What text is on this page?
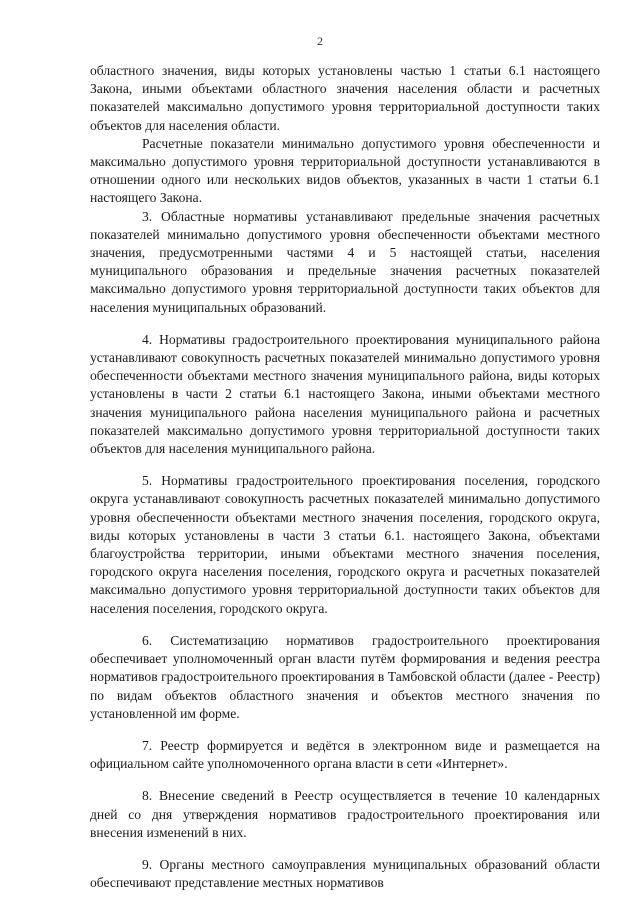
2

областного значения, виды которых установлены частью 1 статьи 6.1 настоящего Закона, иными объектами областного значения населения области и расчетных показателей максимально допустимого уровня территориальной доступности таких объектов для населения области.

Расчетные показатели минимально допустимого уровня обеспеченности и максимально допустимого уровня территориальной доступности устанавливаются в отношении одного или нескольких видов объектов, указанных в части 1 статьи 6.1 настоящего Закона.

3. Областные нормативы устанавливают предельные значения расчетных показателей минимально допустимого уровня обеспеченности объектами местного значения, предусмотренными частями 4 и 5 настоящей статьи, населения муниципального образования и предельные значения расчетных показателей максимально допустимого уровня территориальной доступности таких объектов для населения муниципальных образований.

4. Нормативы градостроительного проектирования муниципального района устанавливают совокупность расчетных показателей минимально допустимого уровня обеспеченности объектами местного значения муниципального района, виды которых установлены в части 2 статьи 6.1 настоящего Закона, иными объектами местного значения муниципального района населения муниципального района и расчетных показателей максимально допустимого уровня территориальной доступности таких объектов для населения муниципального района.

5. Нормативы градостроительного проектирования поселения, городского округа устанавливают совокупность расчетных показателей минимально допустимого уровня обеспеченности объектами местного значения поселения, городского округа, виды которых установлены в части 3 статьи 6.1. настоящего Закона, объектами благоустройства территории, иными объектами местного значения поселения, городского округа населения поселения, городского округа и расчетных показателей максимально допустимого уровня территориальной доступности таких объектов для населения поселения, городского округа.

6. Систематизацию нормативов градостроительного проектирования обеспечивает уполномоченный орган власти путём формирования и ведения реестра нормативов градостроительного проектирования в Тамбовской области (далее - Реестр) по видам объектов областного значения и объектов местного значения по установленной им форме.

7. Реестр формируется и ведётся в электронном виде и размещается на официальном сайте уполномоченного органа власти в сети «Интернет».

8. Внесение сведений в Реестр осуществляется в течение 10 календарных дней со дня утверждения нормативов градостроительного проектирования или внесения изменений в них.

9. Органы местного самоуправления муниципальных образований области обеспечивают представление местных нормативов
